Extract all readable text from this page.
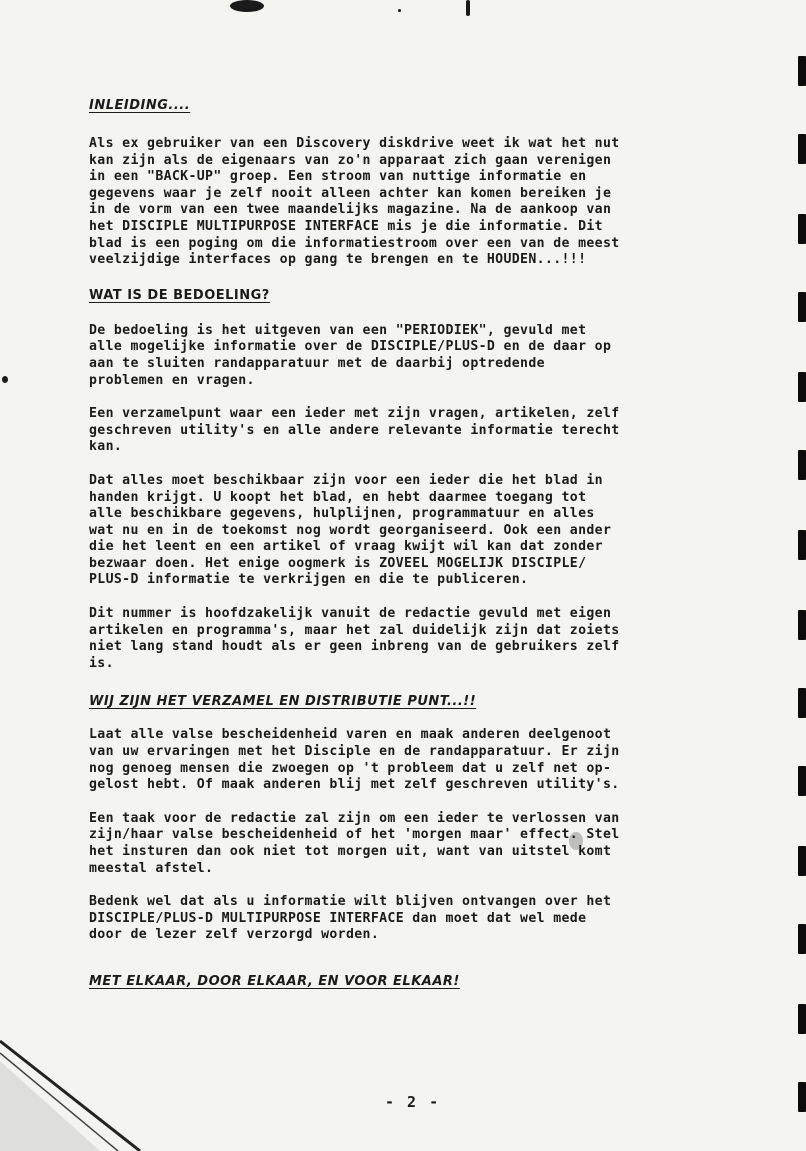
INLEIDING....

Als ex gebruiker van een Discovery diskdrive weet ik wat het nut
kan zijn als de eigenaars van zo'n apparaat zich gaan verenigen
in een "BACK-UP" groep. Een stroom van nuttige informatie en
gegevens waar je zelf nooit alleen achter kan komen bereiken je
in de vorm van een twee maandelijks magazine. Na de aankoop van
het DISCIPLE MULTIPURPOSE INTERFACE mis je die informatie. Dit
blad is een poging om die informatiestroom over een van de meest
veelzijdige interfaces op gang te brengen en te HOUDEN...!!!

WAT IS DE BEDOELING?

De bedoeling is het uitgeven van een "PERIODIEK", gevuld met
alle mogelijke informatie over de DISCIPLE/PLUS-D en de daar op
aan te sluiten randapparatuur met de daarbij optredende
problemen en vragen.

Een verzamelpunt waar een ieder met zijn vragen, artikelen, zelf
geschreven utility's en alle andere relevante informatie terecht
kan.

Dat alles moet beschikbaar zijn voor een ieder die het blad in
handen krijgt. U koopt het blad, en hebt daarmee toegang tot
alle beschikbare gegevens, hulplijnen, programmatuur en alles
wat nu en in de toekomst nog wordt georganiseerd. Ook een ander
die het leent en een artikel of vraag kwijt wil kan dat zonder
bezwaar doen. Het enige oogmerk is ZOVEEL MOGELIJK DISCIPLE/
PLUS-D informatie te verkrijgen en die te publiceren.

Dit nummer is hoofdzakelijk vanuit de redactie gevuld met eigen
artikelen en programma's, maar het zal duidelijk zijn dat zoiets
niet lang stand houdt als er geen inbreng van de gebruikers zelf
is.

WIJ ZIJN HET VERZAMEL EN DISTRIBUTIE PUNT...!!

Laat alle valse bescheidenheid varen en maak anderen deelgenoot
van uw ervaringen met het Disciple en de randapparatuur. Er zijn
nog genoeg mensen die zwoegen op 't probleem dat u zelf net op-
gelost hebt. Of maak anderen blij met zelf geschreven utility's.

Een taak voor de redactie zal zijn om een ieder te verlossen van
zijn/haar valse bescheidenheid of het 'morgen maar' effect. Stel
het insturen dan ook niet tot morgen uit, want van uitstel komt
meestal afstel.

Bedenk wel dat als u informatie wilt blijven ontvangen over het
DISCIPLE/PLUS-D MULTIPURPOSE INTERFACE dan moet dat wel mede
door de lezer zelf verzorgd worden.

MET ELKAAR, DOOR ELKAAR, EN VOOR ELKAAR!

- 2 -
